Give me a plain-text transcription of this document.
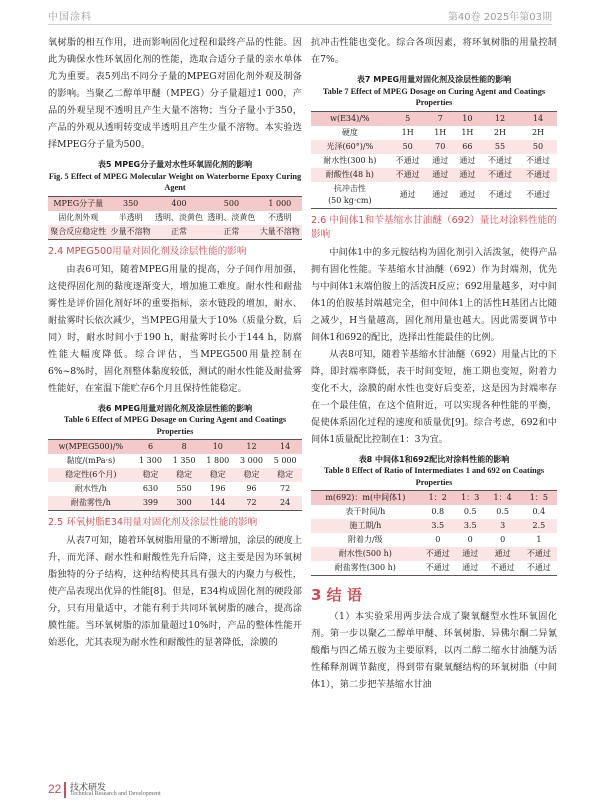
中国涂料	第40卷 2025年第03期

氧树脂的相互作用，进而影响固化过程和最终产品的性能。因此为确保水性环氧固化剂的性能，选取合适分子量的亲水单体尤为重要。表5列出不同分子量的MPEG对固化剂外观及制备的影响。当聚乙二醇单甲醚（MPEG）分子量超过1 000，产品的外观呈现不透明且产生大量不溶物；当分子量小于350，产品的外观从透明转变成半透明且产生少量不溶物。本实验选择MPEG分子量为500。

表5 MPEG分子量对水性环氧固化剂的影响
Fig. 5 Effect of MPEG Molecular Weight on Waterborne Epoxy Curing Agent
MPEG分子量	350	400	500	1 000
固化剂外观	半透明	透明、淡黄色	透明、淡黄色	不透明
聚合反应稳定性	少量不溶物	正常	正常	大量不溶物
2.4 MPEG500用量对固化剂及涂层性能的影响

由表6可知，随着MPEG用量的提高，分子间作用加强，这使得固化剂的黏度逐渐变大，增加施工难度。耐水性和耐盐雾性是评价固化剂好坏的重要指标，亲水链段的增加，耐水、耐盐雾时长依次减少，当MPEG用量大于10%（质量分数，后同）时，耐水时间小于190 h，耐盐雾时长小于144 h，防腐性能大幅度降低。综合评估，当MPEG500用量控制在6%~8%时，固化剂整体黏度较低，测试的耐水性能及耐盐雾性能好，在室温下能贮存6个月且保持性能稳定。

表6 MPEG用量对固化剂及涂层性能的影响
Table 6 Effect of MPEG Dosage on Curing Agent and Coatings Properties
w(MPEG500)/%	6	8	10	12	14
黏度/(mPa·s)	1 300	1 350	1 800	3 000	5 000
稳定性(6个月)	稳定	稳定	稳定	稳定	稳定
耐水性/h	630	550	196	96	72
耐盐雾性/h	399	300	144	72	24
2.5 环氧树脂E34用量对固化剂及涂层性能的影响

从表7可知，随着环氧树脂用量的不断增加，涂层的硬度上升，而光泽、耐水性和耐酸性先升后降，这主要是因为环氧树脂独特的分子结构，这种结构使其具有强大的内聚力与极性，使产品表现出优异的性能[8]。但是，E34构成固化剂的硬段部分，只有用量适中，才能有利于共同环氧树脂的融合，提高涂膜性能。当环氧树脂的添加量超过10%时，产品的整体性能开始恶化，尤其表现为耐水性和耐酸性的显著降低，涂膜的

抗冲击性能也变化。综合各项因素，将环氧树脂的用量控制在7%。

表7 MPEG用量对固化剂及涂层性能的影响
Table 7 Effect of MPEG Dosage on Curing Agent and Coatings Properties
w(E34)/%	5	7	10	12	14
硬度	1H	1H	1H	2H	2H
光泽(60°)/%	50	70	66	55	50
耐水性(300 h)	不通过	通过	通过	不通过	不通过
耐酸性(48 h)	不通过	通过	通过	不通过	不通过
抗冲击性
(50 kg·cm)	通过	通过	通过	不通过	不通过
2.6 中间体1和苄基缩水甘油醚（692）量比对涂料性能的影响

中间体1中的多元胺结构为固化剂引入活泼氢，使得产品拥有固化性能。苄基缩水甘油醚（692）作为封端剂，优先与中间体1末端伯胺上的活泼H反应；692用量越多，对中间体1的伯胺基封端越完全，但中间体1上的活性H基团占比随之减少，H当量越高，固化剂用量也越大。因此需要调节中间体1和692的配比，选择出性能最佳的比例。

从表8可知，随着苄基缩水甘油醚（692）用量占比的下降，即封端率降低，表干时间变短，施工期也变短，附着力变化不大，涂膜的耐水性也变好后变差，这是因为封端率存在一个最佳值，在这个值附近，可以实现各种性能的平衡，促使体系固化过程的速度和质量优[9]。综合考虑，692和中间体1质量配比控制在1：3为宜。

表8 中间体1和692配比对涂料性能的影响
Table 8 Effect of Ratio of Intermediates 1 and 692 on Coatings Properties
m(692)：m(中间体1)	1：2	1：3	1：4	1：5
表干时间/h	0.8	0.5	0.5	0.4
施工期/h	3.5	3.5	3	2.5
附着力/级	0	0	0	1
耐水性(500 h)	不通过	通过	通过	不通过
耐盐雾性(300 h)	不通过	通过	不通过	不通过
3 结 语

（1）本实验采用两步法合成了聚氧醚型水性环氧固化剂。第一步以聚乙二醇单甲醚、环氧树脂、异佛尔酮二异氰酸酯与四乙烯五胺为主要原料，以丙二醇二缩水甘油醚为活性稀释剂调节黏度，得到带有聚氧醚结构的环氧树脂（中间体1），第二步把苄基缩水甘油

22 技术研发
Technical Research and Development
